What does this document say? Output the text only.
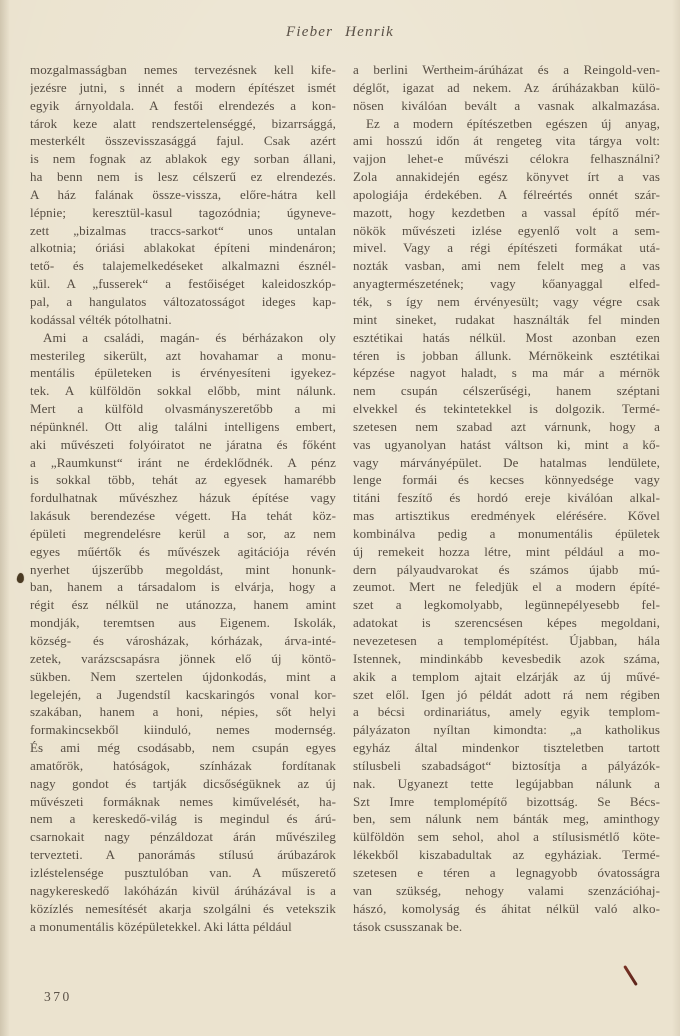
Fieber Henrik
mozgalmasságban nemes tervezésnek kell kife-
jezésre jutni, s innét a modern építészet ismét
egyik árnyoldala. A festői elrendezés a kon-
tárok keze alatt rendszertelenséggé, bizarrsággá,
mesterkélt összevisszasággá fajul. Csak azért
is nem fognak az ablakok egy sorban állani,
ha benn nem is lesz célszerű ez elrendezés.
A ház falának össze-vissza, előre-hátra kell
lépnie; keresztül-kasul tagozódnia; úgyneve-
zett „bizalmas traccs-sarkot“ unos untalan
alkotnia; óriási ablakokat építeni mindenáron;
tető- és talajemelkedéseket alkalmazni észnél-
kül. A „fusserek“ a festőiséget kaleidoszkóp-
pal, a hangulatos változatosságot ideges kap-
kodással vélték pótolhatni.
Ami a családi, magán- és bérházakon oly
mesterileg sikerült, azt hovahamar a monu-
mentális épületeken is érvényesíteni igyekez-
tek. A külföldön sokkal előbb, mint nálunk.
Mert a külföld olvasmányszeretőbb a mi
népünknél. Ott alig találni intelligens embert,
aki művészeti folyóiratot ne járatna és főként
a „Raumkunst“ iránt ne érdeklődnék. A pénz
is sokkal több, tehát az egyesek hamarébb
fordulhatnak művészhez házuk építése vagy
lakásuk berendezése végett. Ha tehát köz-
épületi megrendelésre kerül a sor, az nem
egyes műértők és művészek agitációja révén
nyerhet újszerűbb megoldást, mint honunk-
ban, hanem a társadalom is elvárja, hogy a
régit ész nélkül ne utánozza, hanem amint
mondják, teremtsen aus Eigenem. Iskolák,
község- és városházak, kórházak, árva-inté-
zetek, varázscsapásra jönnek elő új köntö-
sükben. Nem szertelen újdonkodás, mint a
legelején, a Jugendstíl kacskaringós vonal kor-
szakában, hanem a honi, népies, sőt helyi
formakincsekből kiinduló, nemes modernség.
És ami még csodásabb, nem csupán egyes
amatőrök, hatóságok, színházak fordítanak
nagy gondot és tartják dicsőségüknek az új
művészeti formáknak nemes kiművelését, ha-
nem a kereskedő-világ is megindul és árú-
csarnokait nagy pénzáldozat árán művészileg
tervezteti. A panorámás stílusú árúbazárok
izléstelensége pusztulóban van. A műszerető
nagykereskedő lakóházán kivül árúházával is a
közízlés nemesítését akarja szolgálni és vetekszik
a monumentális középületekkel. Aki látta például
a berlini Wertheim-árúházat és a Reingold-ven-
déglőt, igazat ad nekem. Az árúházakban külö-
nösen kiválóan bevált a vasnak alkalmazása.
Ez a modern építészetben egészen új anyag,
ami hosszú időn át rengeteg vita tárgya volt:
vajjon lehet-e művészi célokra felhasználni?
Zola annakidején egész könyvet írt a vas
apologiája érdekében. A félreértés onnét szár-
mazott, hogy kezdetben a vassal építő mér-
nökök művészeti izlése egyenlő volt a sem-
mivel. Vagy a régi építészeti formákat utá-
nozták vasban, ami nem felelt meg a vas
anyagtermészetének; vagy kőanyaggal elfed-
ték, s így nem érvényesült; vagy végre csak
mint sineket, rudakat használták fel minden
esztétikai hatás nélkül. Most azonban ezen
téren is jobban állunk. Mérnökeink esztétikai
képzése nagyot haladt, s ma már a mérnök
nem csupán célszerűségi, hanem széptani
elvekkel és tekintetekkel is dolgozik. Termé-
szetesen nem szabad azt várnunk, hogy a
vas ugyanolyan hatást váltson ki, mint a kő-
vagy márványépület. De hatalmas lendülete,
lenge formái és kecses könnyedsége vagy
titáni feszítő és hordó ereje kiválóan alkal-
mas artisztikus eredmények elérésére. Kővel
kombinálva pedig a monumentális épületek
új remekeit hozza létre, mint például a mo-
dern pályaudvarokat és számos újabb mú-
zeumot. Mert ne feledjük el a modern építé-
szet a legkomolyabb, legünnepélyesebb fel-
adatokat is szerencsésen képes megoldani,
nevezetesen a templomépítést. Újabban, hála
Istennek, mindinkább kevesbedik azok száma,
akik a templom ajtait elzárják az új művé-
szet elől. Igen jó példát adott rá nem régiben
a bécsi ordinariátus, amely egyik templom-
pályázaton nyíltan kimondta: „a katholikus
egyház által mindenkor tiszteletben tartott
stílusbeli szabadságot“ biztosítja a pályázók-
nak. Ugyanezt tette legújabban nálunk a
Szt Imre templomépítő bizottság. Se Bécs-
ben, sem nálunk nem bánták meg, aminthogy
külföldön sem sehol, ahol a stílusismétlő köte-
lékekből kiszabadultak az egyháziak. Termé-
szetesen e téren a legnagyobb óvatosságra
van szükség, nehogy valami szenzációhaj-
hászó, komolyság és áhitat nélkül való alko-
tások csusszanak be.
370
